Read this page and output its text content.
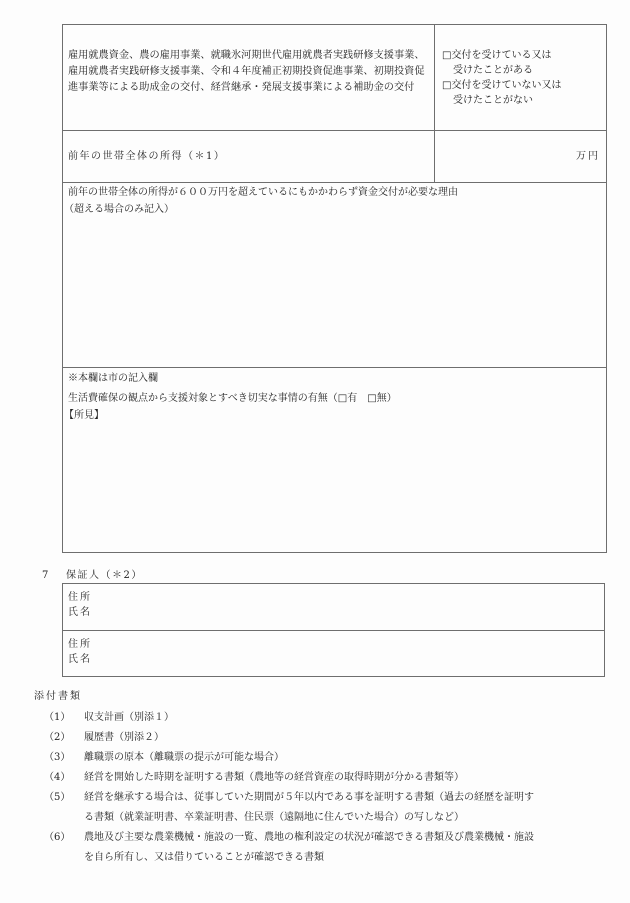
雇用就農資金、農の雇用事業、就職氷河期世代雇用就農者実践研修支援事業、雇用就農者実践研修支援事業、令和４年度補正初期投資促進事業、初期投資促進事業等による助成金の交付、経営継承・発展支援事業による補助金の交付
□交付を受けている又は
受けたことがある
□交付を受けていない又は
受けたことがない
前年の世帯全体の所得（＊1）	万円
前年の世帯全体の所得が６００万円を超えているにもかかわらず資金交付が必要な理由
（超える場合のみ記入）
※本欄は市の記入欄
生活費確保の観点から支援対象とすべき切実な事情の有無（□有　□無）
【所見】
7 保証人（＊2）
住所
氏名
住所
氏名
添付書類
（1） 収支計画（別添１）
（2） 履歴書（別添２）
（3） 離職票の原本（離職票の提示が可能な場合）
（4） 経営を開始した時期を証明する書類（農地等の経営資産の取得時期が分かる書類等）
（5） 経営を継承する場合は、従事していた期間が５年以内である事を証明する書類（過去の経歴を証明す
る書類（就業証明書、卒業証明書、住民票（遠隔地に住んでいた場合）の写しなど）
（6） 農地及び主要な農業機械・施設の一覧、農地の権利設定の状況が確認できる書類及び農業機械・施設
を自ら所有し、又は借りていることが確認できる書類
